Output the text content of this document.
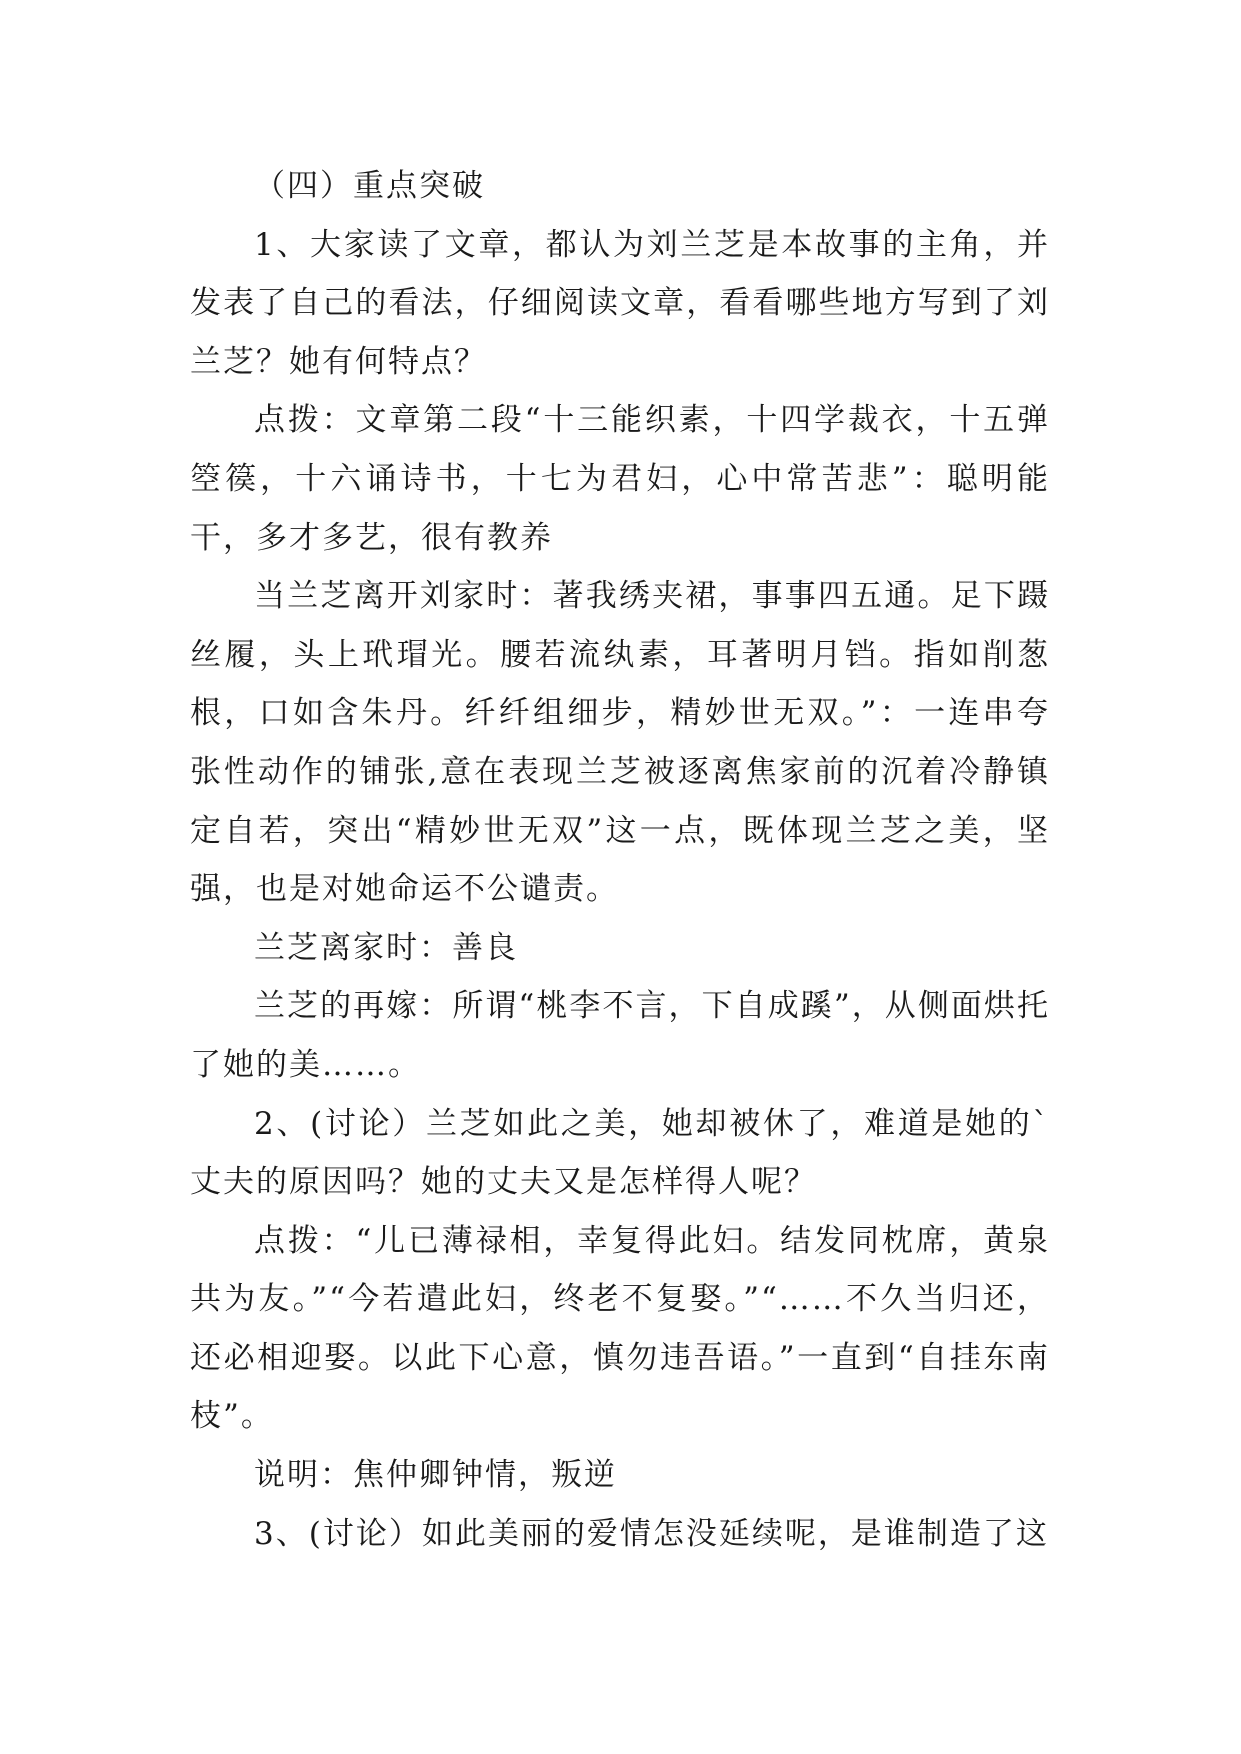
（四）重点突破

1、大家读了文章，都认为刘兰芝是本故事的主角，并发表了自己的看法，仔细阅读文章，看看哪些地方写到了刘兰芝？她有何特点？

点拨：文章第二段“十三能织素，十四学裁衣，十五弹箜篌，十六诵诗书，十七为君妇，心中常苦悲”：聪明能干，多才多艺，很有教养

当兰芝离开刘家时：著我绣夹裙，事事四五通。足下蹑丝履，头上玳瑁光。腰若流纨素，耳著明月铛。指如削葱根，口如含朱丹。纤纤组细步，精妙世无双。”：一连串夸张性动作的铺张,意在表现兰芝被逐离焦家前的沉着冷静镇定自若，突出“精妙世无双”这一点，既体现兰芝之美，坚强，也是对她命运不公谴责。

兰芝离家时：善良

兰芝的再嫁：所谓“桃李不言，下自成蹊”，从侧面烘托了她的美……。

2、(讨论）兰芝如此之美，她却被休了，难道是她的`丈夫的原因吗？她的丈夫又是怎样得人呢？

点拨：“儿已薄禄相，幸复得此妇。结发同枕席，黄泉共为友。”“今若遣此妇，终老不复娶。”“……不久当归还，还必相迎娶。以此下心意，慎勿违吾语。”一直到“自挂东南枝”。

说明：焦仲卿钟情，叛逆

3、(讨论）如此美丽的爱情怎没延续呢，是谁制造了这
